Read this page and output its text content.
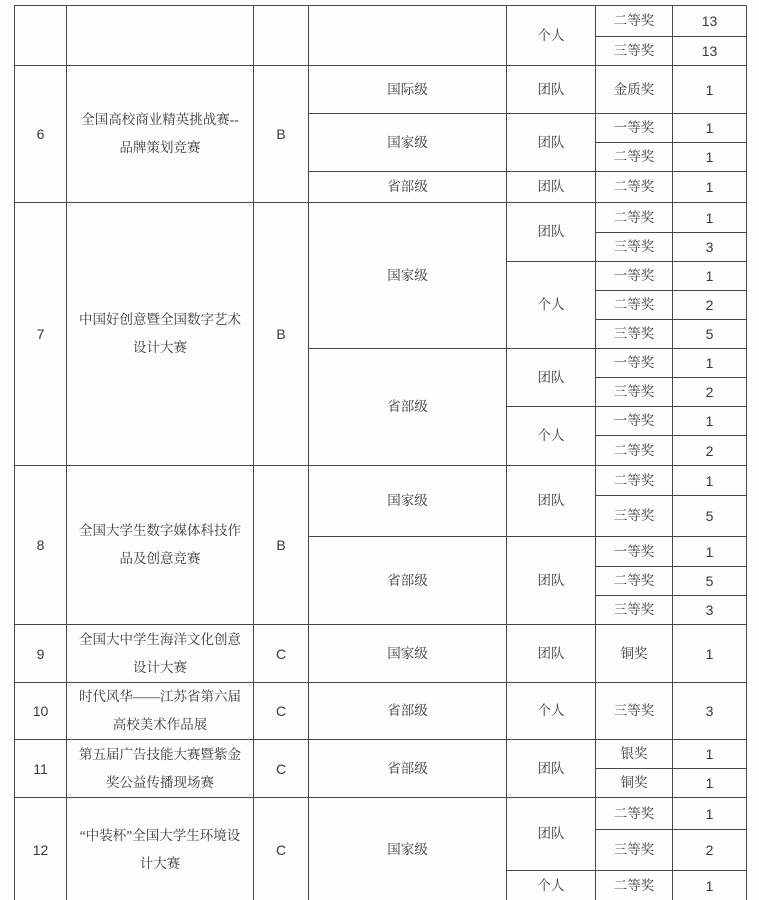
				个人	二等奖	13
					三等奖	13
6	全国高校商业精英挑战赛--品牌策划竞赛	B	国际级	团队	金质奖	1
			国家级	团队	一等奖	1
					二等奖	1
			省部级	团队	二等奖	1
7	中国好创意暨全国数字艺术设计大赛	B	国家级	团队	二等奖	1
					三等奖	3
				个人	一等奖	1
					二等奖	2
					三等奖	5
			省部级	团队	一等奖	1
					三等奖	2
				个人	一等奖	1
					二等奖	2
8	全国大学生数字媒体科技作品及创意竞赛	B	国家级	团队	二等奖	1
					三等奖	5
			省部级	团队	一等奖	1
					二等奖	5
					三等奖	3
9	全国大中学生海洋文化创意设计大赛	C	国家级	团队	铜奖	1
10	时代风华——江苏省第六届高校美术作品展	C	省部级	个人	三等奖	3
11	第五届广告技能大赛暨紫金奖公益传播现场赛	C	省部级	团队	银奖	1
					铜奖	1
12	“中装杯”全国大学生环境设计大赛	C	国家级	团队	二等奖	1
					三等奖	2
				个人	二等奖	1
